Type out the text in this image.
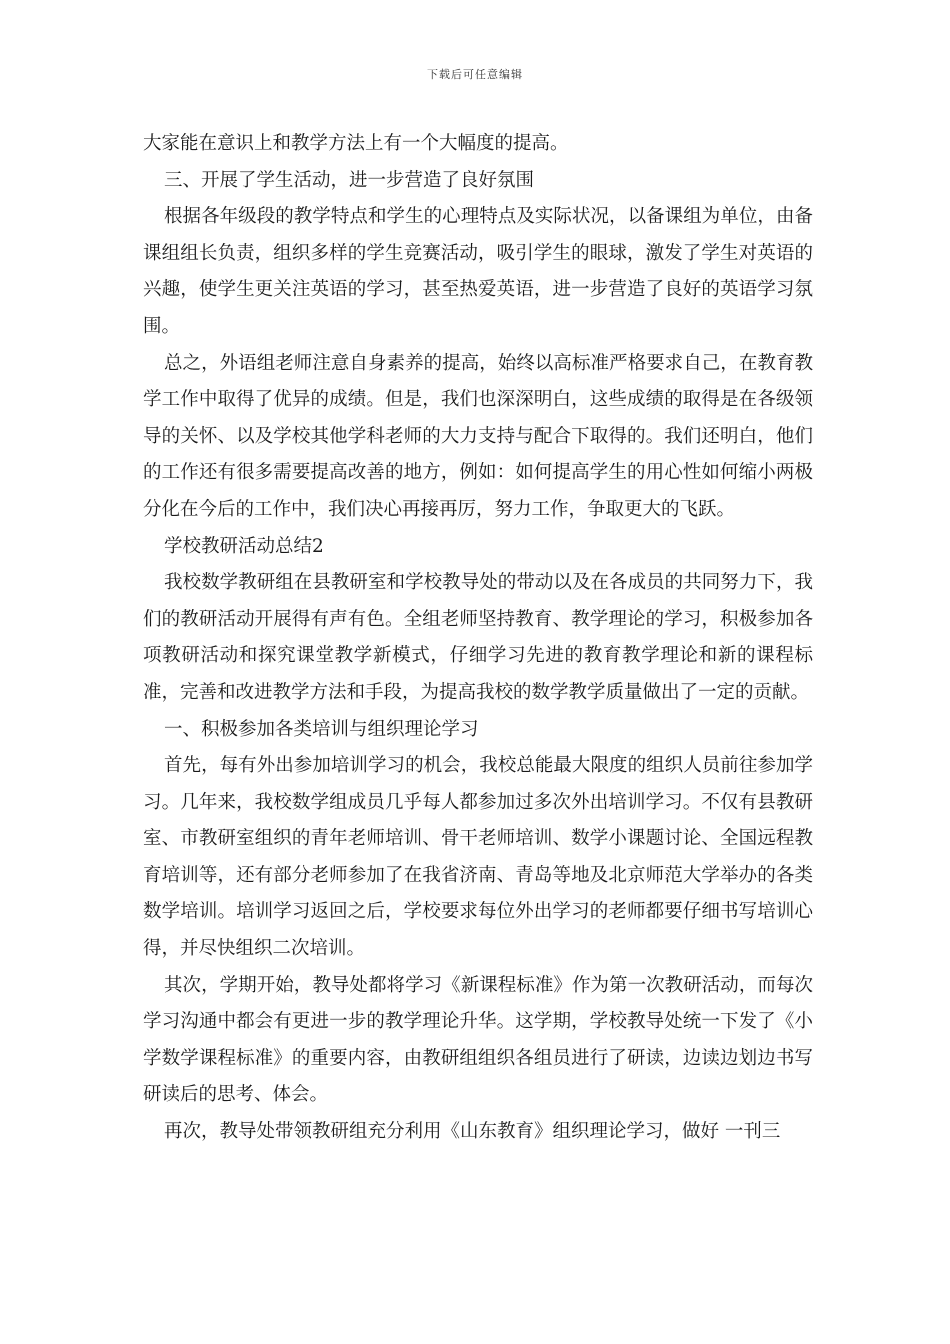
下载后可任意编辑

大家能在意识上和教学方法上有一个大幅度的提高。

三、开展了学生活动，进一步营造了良好氛围

根据各年级段的教学特点和学生的心理特点及实际状况，以备课组为单位，由备课组组长负责，组织多样的学生竞赛活动，吸引学生的眼球，激发了学生对英语的兴趣，使学生更关注英语的学习，甚至热爱英语，进一步营造了良好的英语学习氛围。

总之，外语组老师注意自身素养的提高，始终以高标准严格要求自己，在教育教学工作中取得了优异的成绩。但是，我们也深深明白，这些成绩的取得是在各级领导的关怀、以及学校其他学科老师的大力支持与配合下取得的。我们还明白，他们的工作还有很多需要提高改善的地方，例如：如何提高学生的用心性如何缩小两极分化在今后的工作中，我们决心再接再厉，努力工作，争取更大的飞跃。

学校教研活动总结2

我校数学教研组在县教研室和学校教导处的带动以及在各成员的共同努力下，我们的教研活动开展得有声有色。全组老师坚持教育、教学理论的学习，积极参加各项教研活动和探究课堂教学新模式，仔细学习先进的教育教学理论和新的课程标准，完善和改进教学方法和手段，为提高我校的数学教学质量做出了一定的贡献。

一、积极参加各类培训与组织理论学习

首先，每有外出参加培训学习的机会，我校总能最大限度的组织人员前往参加学习。几年来，我校数学组成员几乎每人都参加过多次外出培训学习。不仅有县教研室、市教研室组织的青年老师培训、骨干老师培训、数学小课题讨论、全国远程教育培训等，还有部分老师参加了在我省济南、青岛等地及北京师范大学举办的各类数学培训。培训学习返回之后，学校要求每位外出学习的老师都要仔细书写培训心得，并尽快组织二次培训。

其次，学期开始，教导处都将学习《新课程标准》作为第一次教研活动，而每次学习沟通中都会有更进一步的教学理论升华。这学期，学校教导处统一下发了《小学数学课程标准》的重要内容，由教研组组织各组员进行了研读，边读边划边书写研读后的思考、体会。

再次，教导处带领教研组充分利用《山东教育》组织理论学习，做好 一刊三
